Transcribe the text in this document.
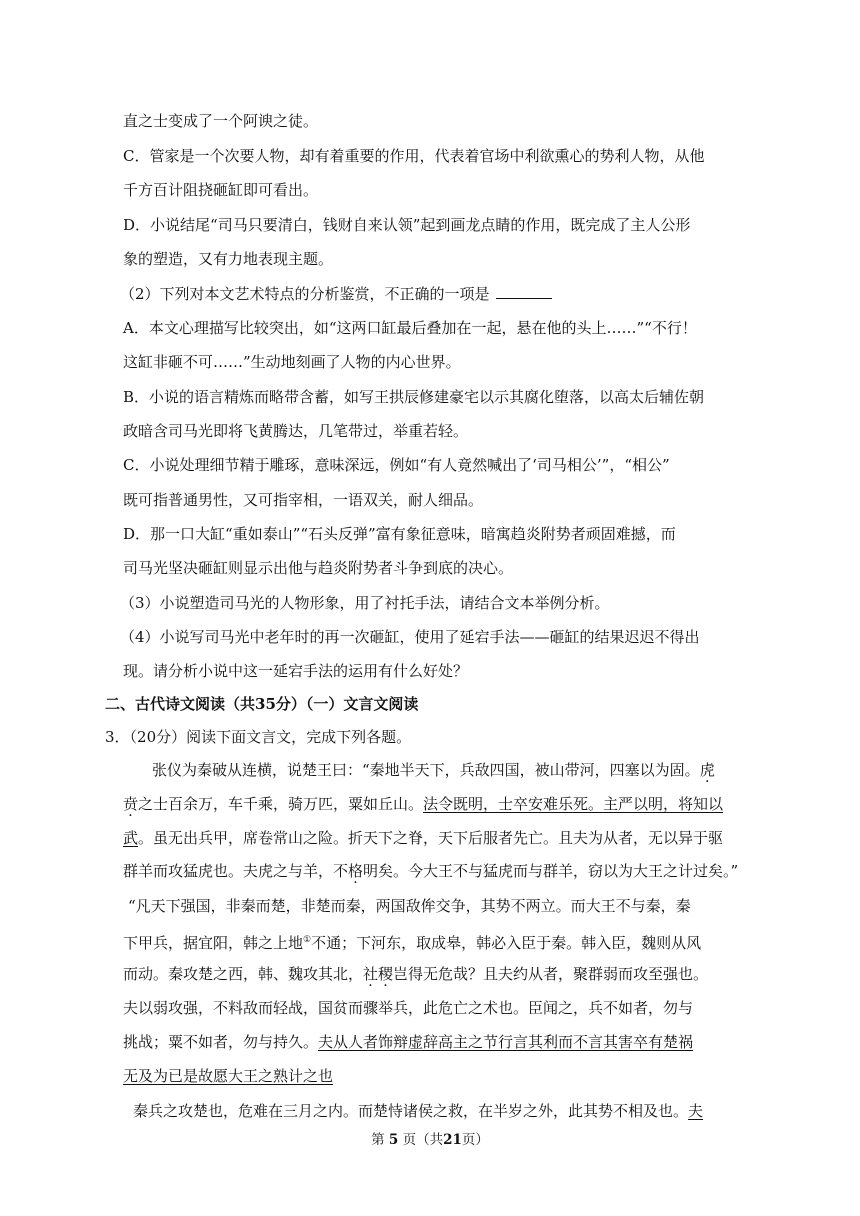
直之士变成了一个阿谀之徒。
C．管家是一个次要人物，却有着重要的作用，代表着官场中利欲熏心的势利人物，从他
千方百计阻挠砸缸即可看出。
D．小说结尾“司马只要清白，钱财自来认领”起到画龙点睛的作用，既完成了主人公形
象的塑造，又有力地表现主题。
（2）下列对本文艺术特点的分析鉴赏，不正确的一项是
A．本文心理描写比较突出，如“这两口缸最后叠加在一起，悬在他的头上……”“不行！
这缸非砸不可……”生动地刻画了人物的内心世界。
B．小说的语言精炼而略带含蓄，如写王拱辰修建豪宅以示其腐化堕落，以高太后辅佐朝
政暗含司马光即将飞黄腾达，几笔带过，举重若轻。
C．小说处理细节精于雕琢，意味深远，例如“有人竟然喊出了‘司马相公’”，“相公”
既可指普通男性，又可指宰相，一语双关，耐人细品。
D．那一口大缸“重如泰山”“石头反弹”富有象征意味，暗寓趋炎附势者顽固难撼，而
司马光坚决砸缸则显示出他与趋炎附势者斗争到底的决心。
（3）小说塑造司马光的人物形象，用了衬托手法，请结合文本举例分析。
（4）小说写司马光中老年时的再一次砸缸，使用了延宕手法——砸缸的结果迟迟不得出
现。请分析小说中这一延宕手法的运用有什么好处？
二、古代诗文阅读（共35分）（一）文言文阅读
3．（20分）阅读下面文言文，完成下列各题。
张仪为秦破从连横，说楚王曰：“秦地半天下，兵敌四国，被山带河，四塞以为固。虎
贲之士百余万，车千乘，骑万匹，粟如丘山。法令既明，士卒安难乐死。主严以明，将知以
武。虽无出兵甲，席卷常山之险。折天下之脊，天下后服者先亡。且夫为从者，无以异于驱
群羊而攻猛虎也。夫虎之与羊，不格明矣。今大王不与猛虎而与群羊，窃以为大王之计过矣。”
“凡天下强国，非秦而楚，非楚而秦，两国敌侔交争，其势不两立。而大王不与秦，秦
下甲兵，据宜阳，韩之上地①不通；下河东，取成皋，韩必入臣于秦。韩入臣，魏则从风
而动。秦攻楚之西，韩、魏攻其北，社稷岂得无危哉？且夫约从者，聚群弱而攻至强也。
夫以弱攻强，不料敌而轻战，国贫而骤举兵，此危亡之术也。臣闻之，兵不如者，勿与
挑战；粟不如者，勿与持久。夫从人者饰辩虚辞高主之节行言其利而不言其害卒有楚祸
无及为已是故愿大王之熟计之也
秦兵之攻楚也，危难在三月之内。而楚恃诸侯之救，在半岁之外，此其势不相及也。夫
第 5 页（共21页）
